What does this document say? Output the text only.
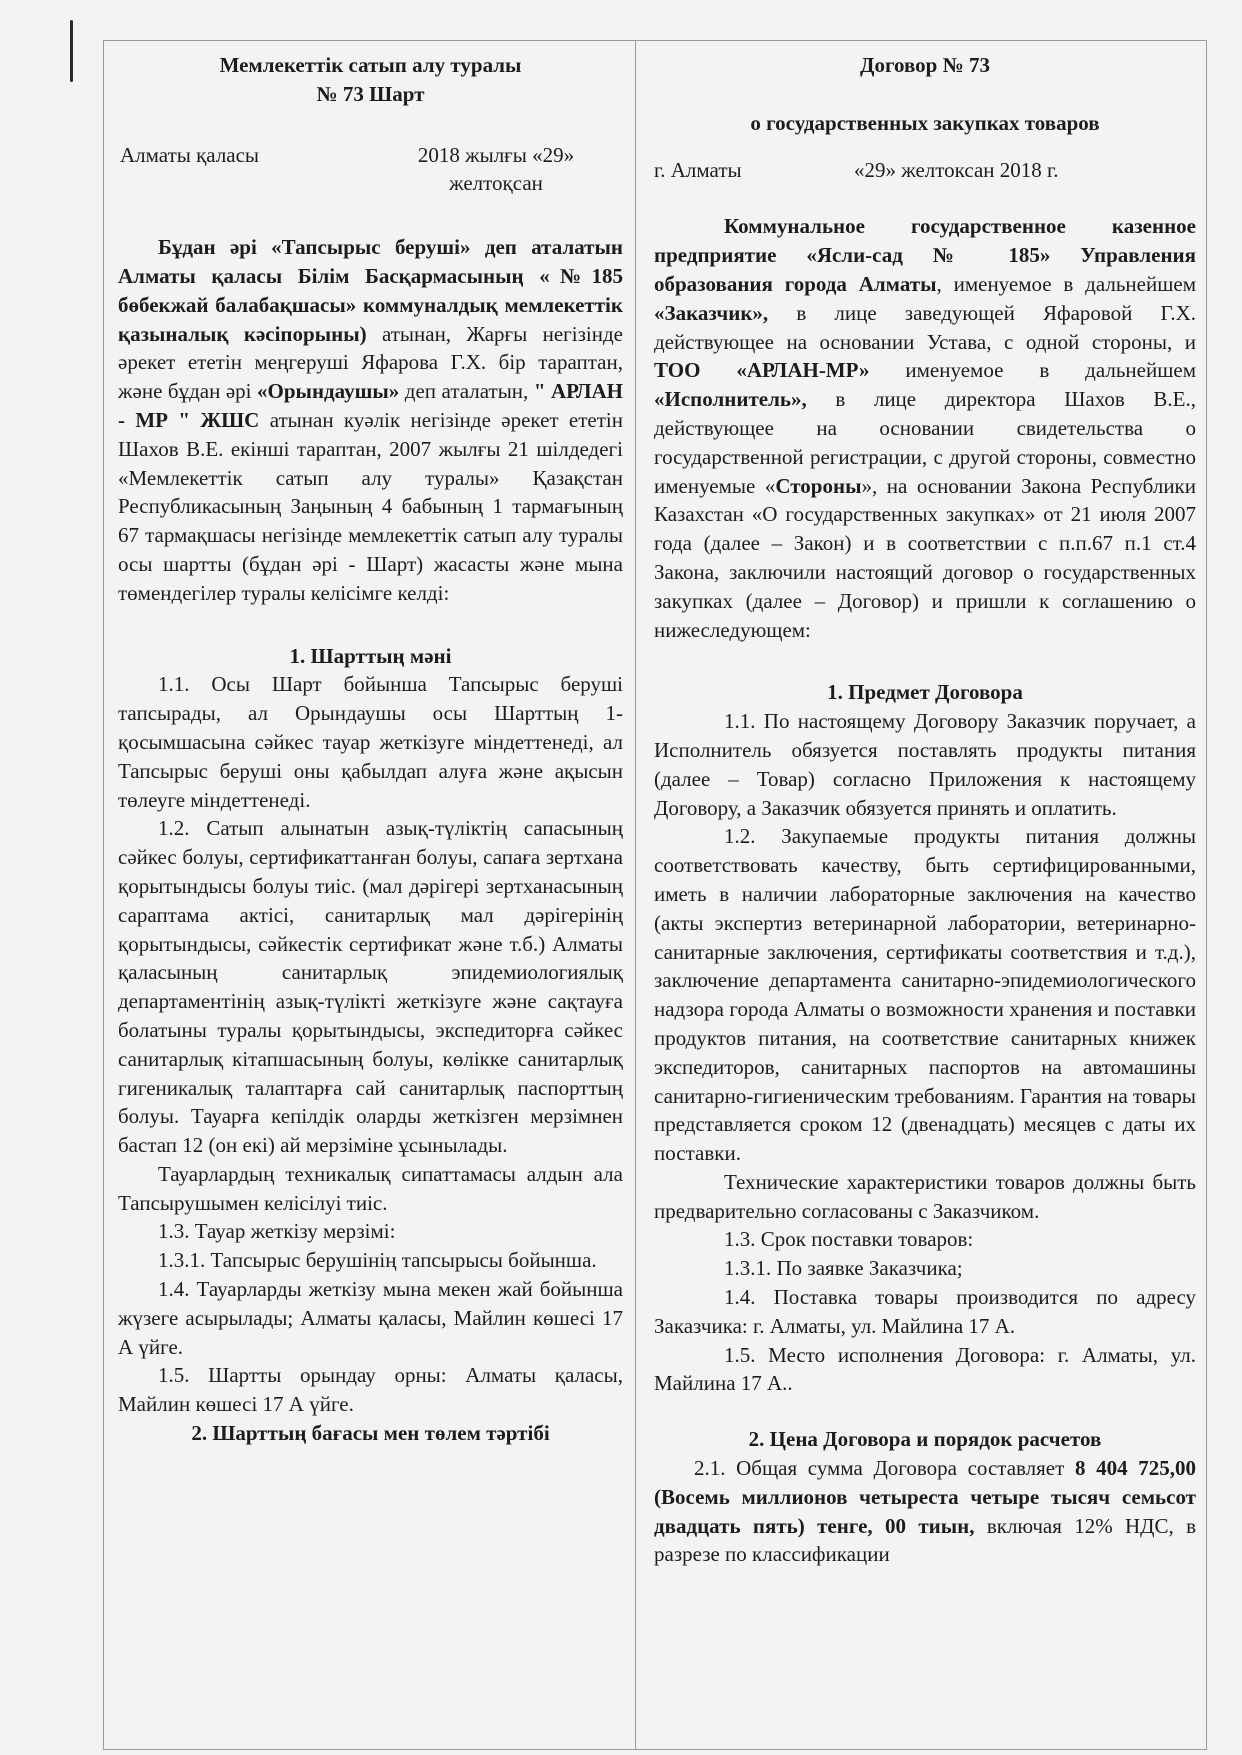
Мемлекеттік сатып алу туралы
№ 73 Шарт
Алматы қаласы	2018 жылғы «29»
желтоқсан

Бұдан әрі «Тапсырыс беруші» деп аталатын Алматы қаласы Білім Басқармасының «№185 бөбекжай балабақшасы» коммуналдық мемлекеттік қазыналық кәсіпорыны) атынан, Жарғы негізінде әрекет ететін меңгеруші Яфарова Г.Х. бір тараптан, және бұдан әрі «Орындаушы» деп аталатын, " АРЛАН - МР " ЖШС атынан куәлік негізінде әрекет ететін Шахов В.Е. екінші тараптан, 2007 жылғы 21 шілдедегі «Мемлекеттік сатып алу туралы» Қазақстан Республикасының Заңының 4 бабының 1 тармағының 67 тармақшасы негізінде мемлекеттік сатып алу туралы осы шартты (бұдан әрі - Шарт) жасасты және мына төмендегілер туралы келісімге келді:

1. Шарттың мәні

1.1. Осы Шарт бойынша Тапсырыс беруші тапсырады, ал Орындаушы осы Шарттың 1-қосымшасына сәйкес тауар жеткізуге міндеттенеді, ал Тапсырыс беруші оны қабылдап алуға және ақысын төлеуге міндеттенеді.

1.2. Сатып алынатын азық-түліктің сапасының сәйкес болуы, сертификаттанған болуы, сапаға зертхана қорытындысы болуы тиіс. (мал дәрігері зертханасының сараптама актісі, санитарлық мал дәрігерінің қорытындысы, сәйкестік сертификат және т.б.) Алматы қаласының санитарлық эпидемиологиялық департаментінің азық-түлікті жеткізуге және сақтауға болатыны туралы қорытындысы, экспедиторға сәйкес санитарлық кітапшасының болуы, көлікке санитарлық гигеникалық талаптарға сай санитарлық паспорттың болуы. Тауарға кепілдік оларды жеткізген мерзімнен бастап 12 (он екі) ай мерзіміне ұсынылады.

Тауарлардың техникалық сипаттамасы алдын ала Тапсырушымен келісілуі тиіс.

1.3. Тауар жеткізу мерзімі:

1.3.1. Тапсырыс берушінің тапсырысы бойынша.

1.4. Тауарларды жеткізу мына мекен жай бойынша жүзеге асырылады; Алматы қаласы, Майлин көшесі 17 А үйге.

1.5. Шартты орындау орны: Алматы қаласы, Майлин көшесі 17 А үйге.

2. Шарттың бағасы мен төлем тәртібі
Договор № 73
о государственных закупках товаров
г. Алматы	«29» желтоксан 2018 г.

Коммунальное государственное казенное предприятие «Ясли-сад № 185» Управления образования города Алматы, именуемое в дальнейшем «Заказчик», в лице заведующей Яфаровой Г.Х. действующее на основании Устава, с одной стороны, и ТОО «АРЛАН-МР» именуемое в дальнейшем «Исполнитель», в лице директора Шахов В.Е., действующее на основании свидетельства о государственной регистрации, с другой стороны, совместно именуемые «Стороны», на основании Закона Республики Казахстан «О государственных закупках» от 21 июля 2007 года (далее – Закон) и в соответствии с п.п.67 п.1 ст.4 Закона, заключили настоящий договор о государственных закупках (далее – Договор) и пришли к соглашению о нижеследующем:

1. Предмет Договора

1.1. По настоящему Договору Заказчик поручает, а Исполнитель обязуется поставлять продукты питания (далее – Товар) согласно Приложения к настоящему Договору, а Заказчик обязуется принять и оплатить.

1.2. Закупаемые продукты питания должны соответствовать качеству, быть сертифицированными, иметь в наличии лабораторные заключения на качество (акты экспертиз ветеринарной лаборатории, ветеринарно-санитарные заключения, сертификаты соответствия и т.д.), заключение департамента санитарно-эпидемиологического надзора города Алматы о возможности хранения и поставки продуктов питания, на соответствие санитарных книжек экспедиторов, санитарных паспортов на автомашины санитарно-гигиеническим требованиям. Гарантия на товары представляется сроком 12 (двенадцать) месяцев с даты их поставки.

Технические характеристики товаров должны быть предварительно согласованы с Заказчиком.

1.3. Срок поставки товаров:

1.3.1. По заявке Заказчика;

1.4. Поставка товары производится по адресу Заказчика: г. Алматы, ул. Майлина 17 А.

1.5. Место исполнения Договора: г. Алматы, ул. Майлина 17 А..

2. Цена Договора и порядок расчетов

2.1. Общая сумма Договора составляет 8 404 725,00 (Восемь миллионов четыреста четыре тысяч семьсот двадцать пять) тенге, 00 тиын, включая 12% НДС, в разрезе по классификации
